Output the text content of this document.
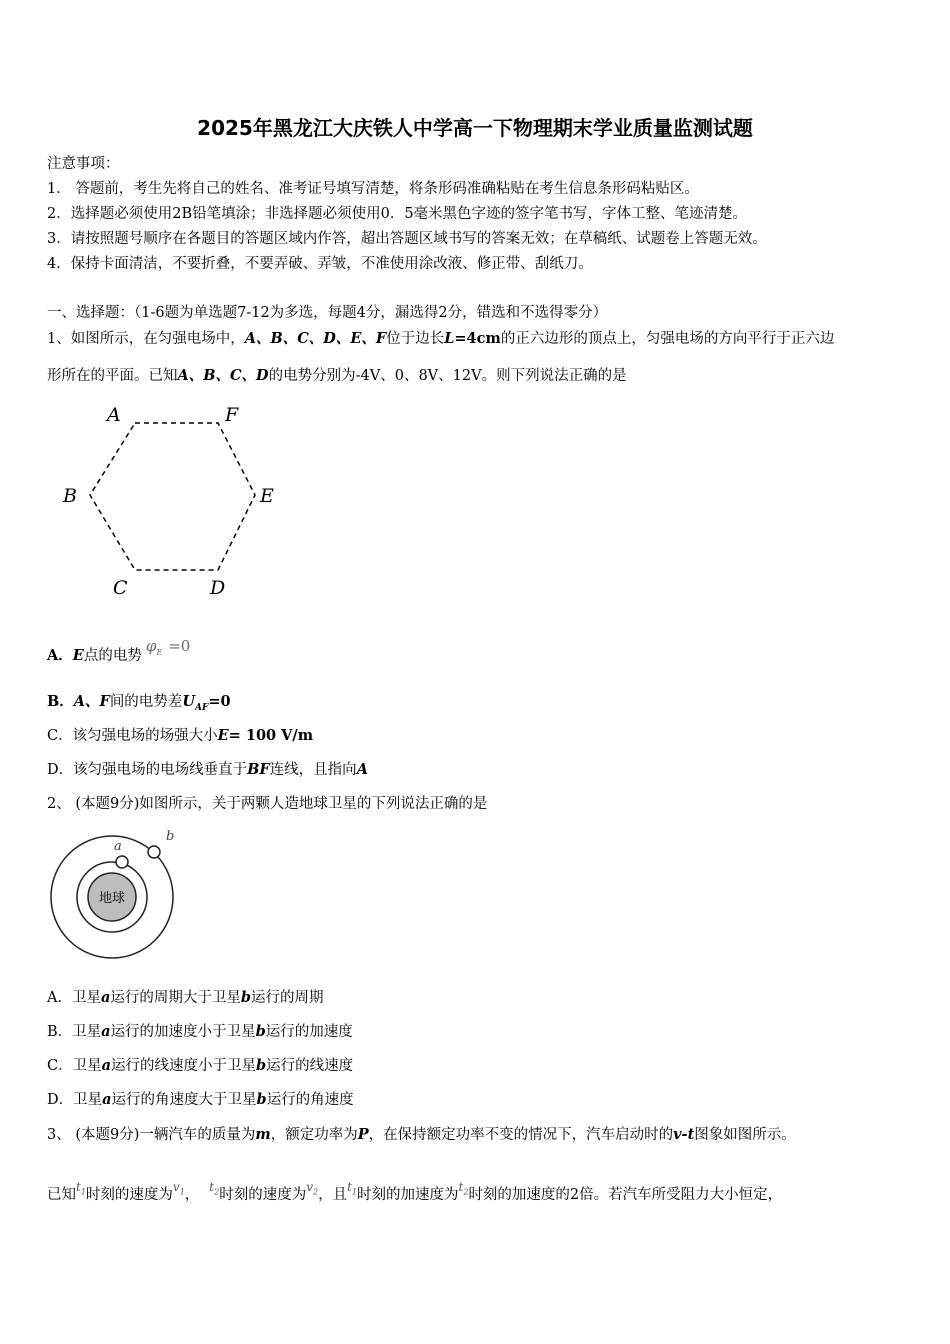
2025年黑龙江大庆铁人中学高一下物理期末学业质量监测试题
注意事项：
1． 答题前，考生先将自己的姓名、准考证号填写清楚，将条形码准确粘贴在考生信息条形码粘贴区。
2．选择题必须使用2B铅笔填涂；非选择题必须使用0．5毫米黑色字迹的签字笔书写，字体工整、笔迹清楚。
3．请按照题号顺序在各题目的答题区域内作答，超出答题区域书写的答案无效；在草稿纸、试题卷上答题无效。
4．保持卡面清洁，不要折叠，不要弄破、弄皱，不准使用涂改液、修正带、刮纸刀。
一、选择题：（1-6题为单选题7-12为多选，每题4分，漏选得2分，错选和不选得零分）
1、如图所示，在匀强电场中，A、B、C、D、E、F位于边长L=4cm的正六边形的顶点上，匀强电场的方向平行于正六边
形所在的平面。已知A、B、C、D的电势分别为-4V、0、8V、12V。则下列说法正确的是
A	F
B	E
C	D
A．E点的电势$\varphi_E =0$
B．A、F间的电势差$U_{AF}=0$
C．该匀强电场的场强大小E= 100 V/m
D．该匀强电场的电场线垂直于BF连线，且指向A
2、 (本题9分)如图所示，关于两颗人造地球卫星的下列说法正确的是
地球
a
b
A．卫星a运行的周期大于卫星b运行的周期
B．卫星a运行的加速度小于卫星b运行的加速度
C．卫星a运行的线速度小于卫星b运行的线速度
D．卫星a运行的角速度大于卫星b运行的角速度
3、 (本题9分)一辆汽车的质量为m，额定功率为P，在保持额定功率不变的情况下，汽车启动时的v-t图象如图所示。
已知$^{t_1}$时刻的速度为$^{v_1}$， $^{t_2}$时刻的速度为$^{v_2}$，且$^{t_1}$时刻的加速度为$^{t_2}$时刻的加速度的2倍。若汽车所受阻力大小恒定，
